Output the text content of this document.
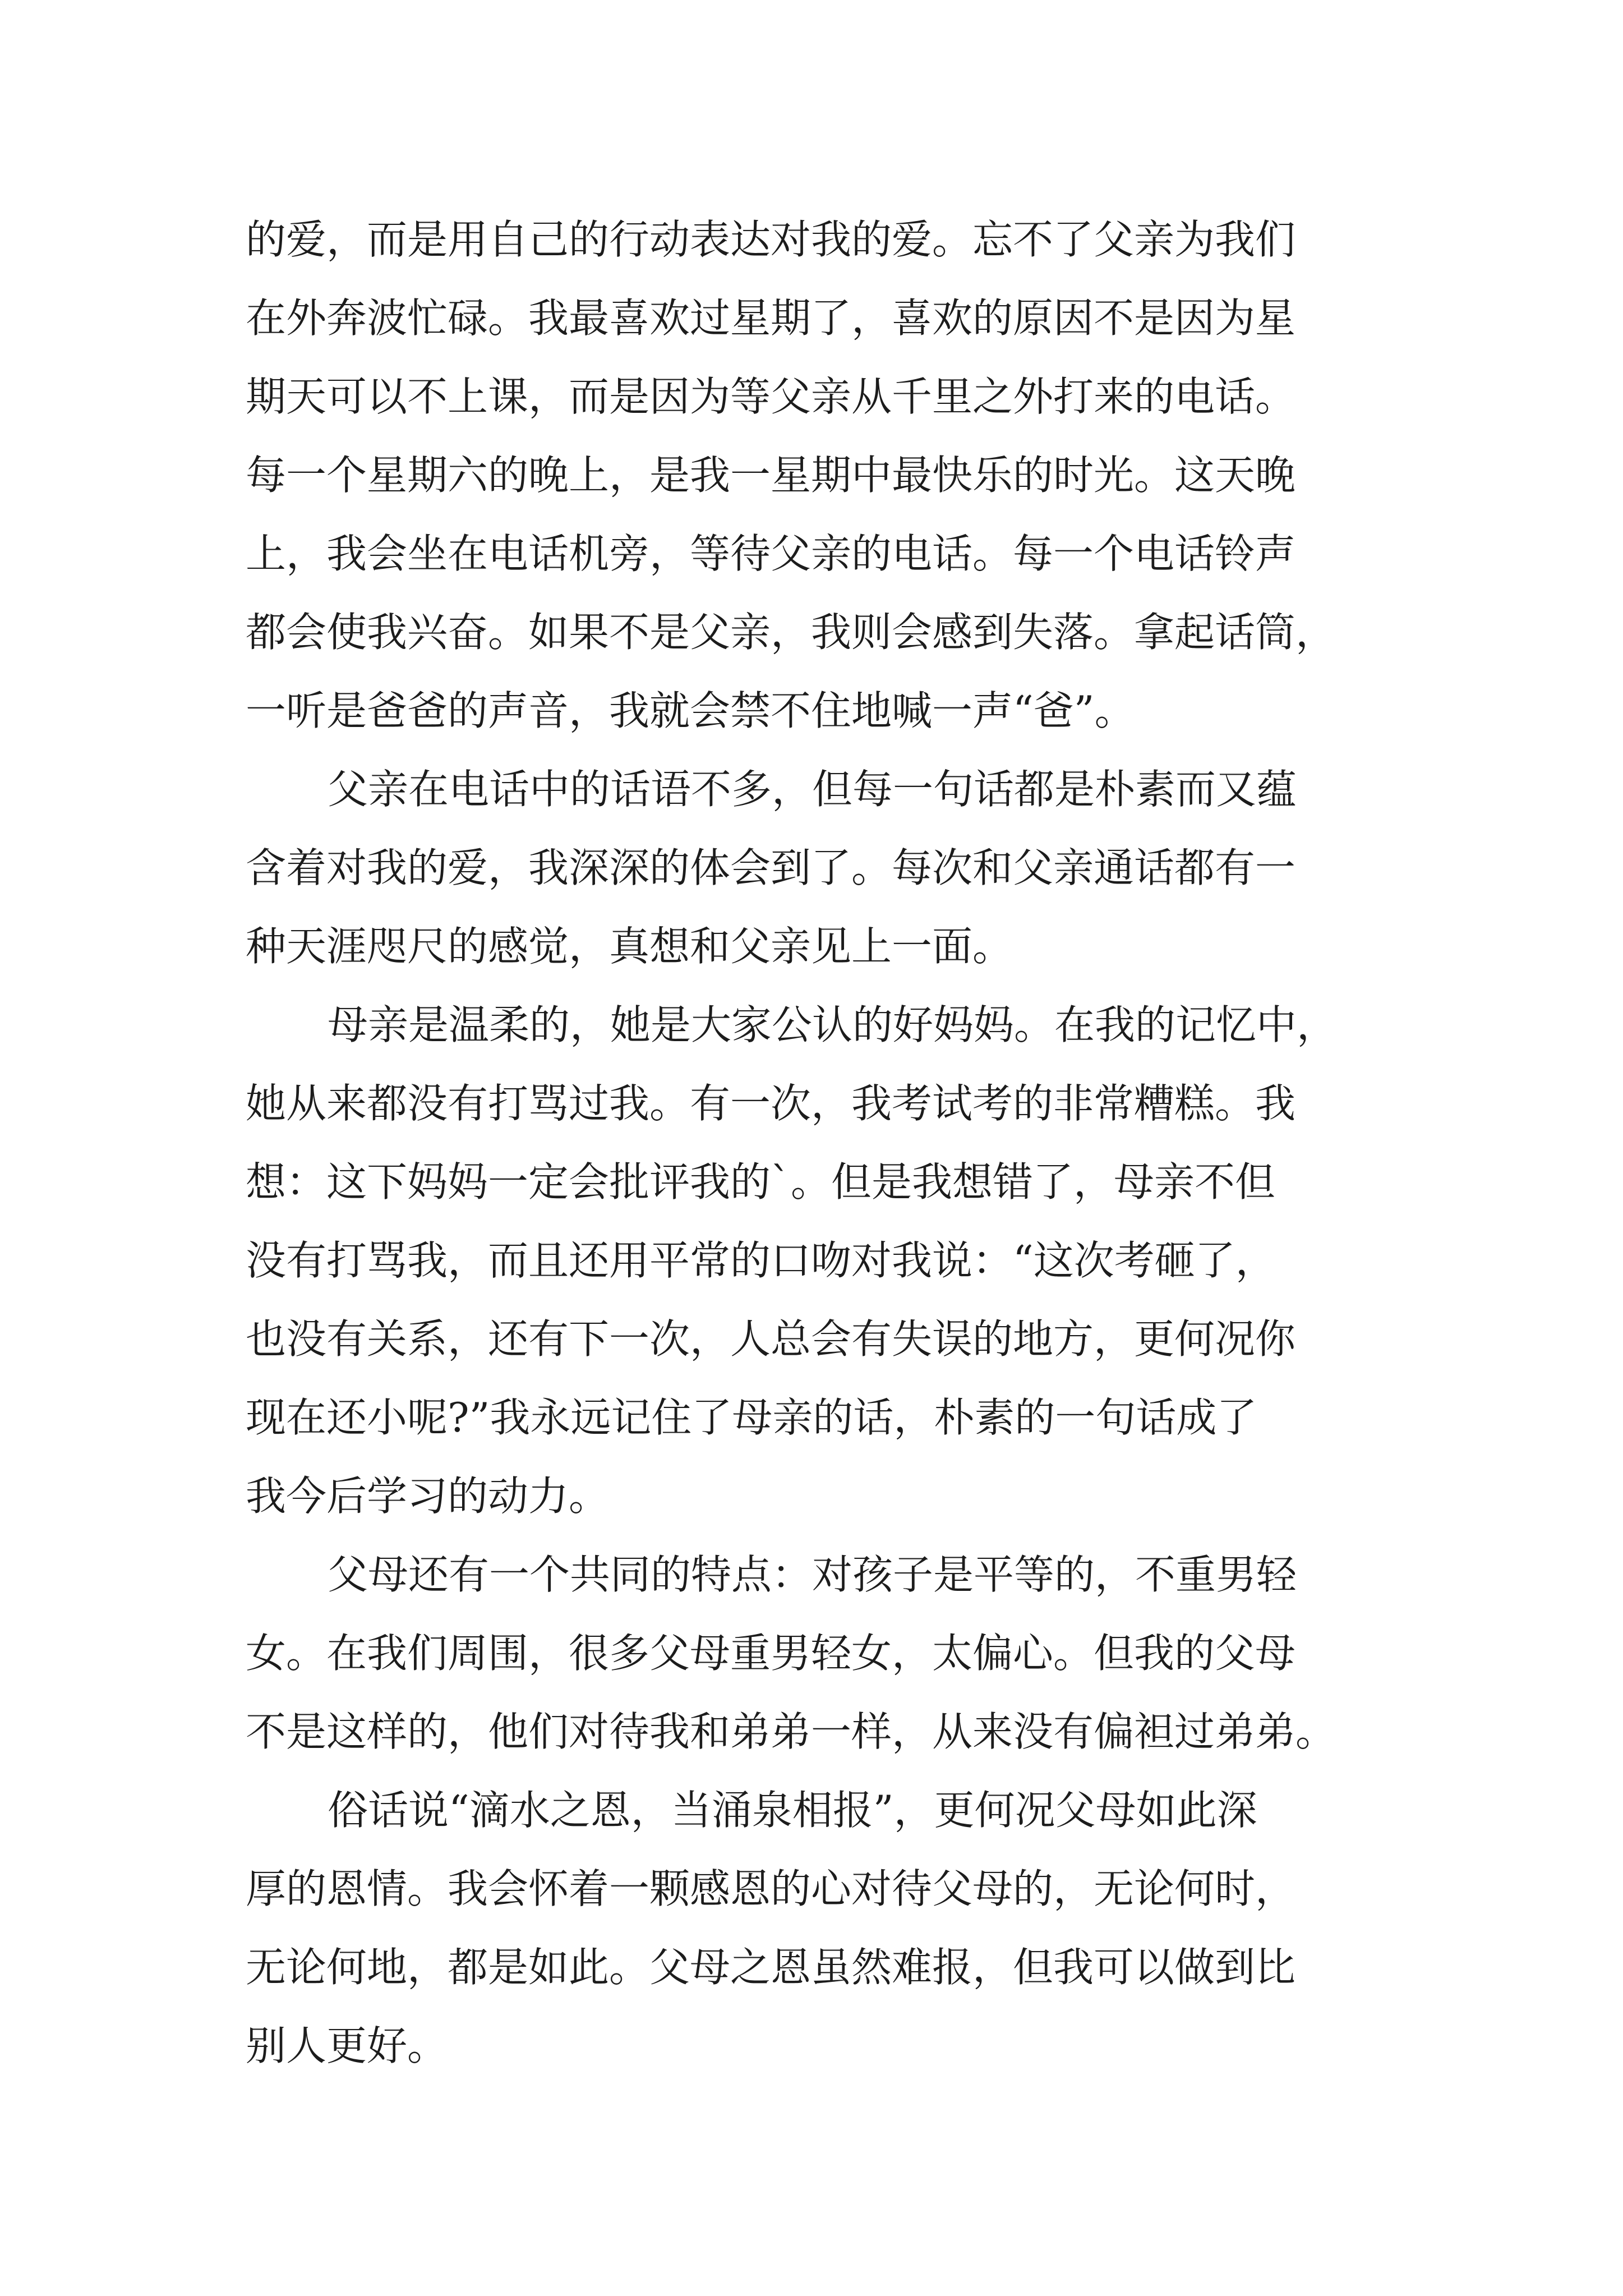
的爱，而是用自己的行动表达对我的爱。忘不了父亲为我们
在外奔波忙碌。我最喜欢过星期了，喜欢的原因不是因为星
期天可以不上课，而是因为等父亲从千里之外打来的电话。
每一个星期六的晚上，是我一星期中最快乐的时光。这天晚
上，我会坐在电话机旁，等待父亲的电话。每一个电话铃声
都会使我兴奋。如果不是父亲，我则会感到失落。拿起话筒，
一听是爸爸的声音，我就会禁不住地喊一声“爸”。
父亲在电话中的话语不多，但每一句话都是朴素而又蕴
含着对我的爱，我深深的体会到了。每次和父亲通话都有一
种天涯咫尺的感觉，真想和父亲见上一面。
母亲是温柔的，她是大家公认的好妈妈。在我的记忆中，
她从来都没有打骂过我。有一次，我考试考的非常糟糕。我
想：这下妈妈一定会批评我的`。但是我想错了，母亲不但
没有打骂我，而且还用平常的口吻对我说：“这次考砸了，
也没有关系，还有下一次，人总会有失误的地方，更何况你
现在还小呢?”我永远记住了母亲的话，朴素的一句话成了
我今后学习的动力。
父母还有一个共同的特点：对孩子是平等的，不重男轻
女。在我们周围，很多父母重男轻女，太偏心。但我的父母
不是这样的，他们对待我和弟弟一样，从来没有偏袒过弟弟。
俗话说“滴水之恩，当涌泉相报”，更何况父母如此深
厚的恩情。我会怀着一颗感恩的心对待父母的，无论何时，
无论何地，都是如此。父母之恩虽然难报，但我可以做到比
别人更好。
